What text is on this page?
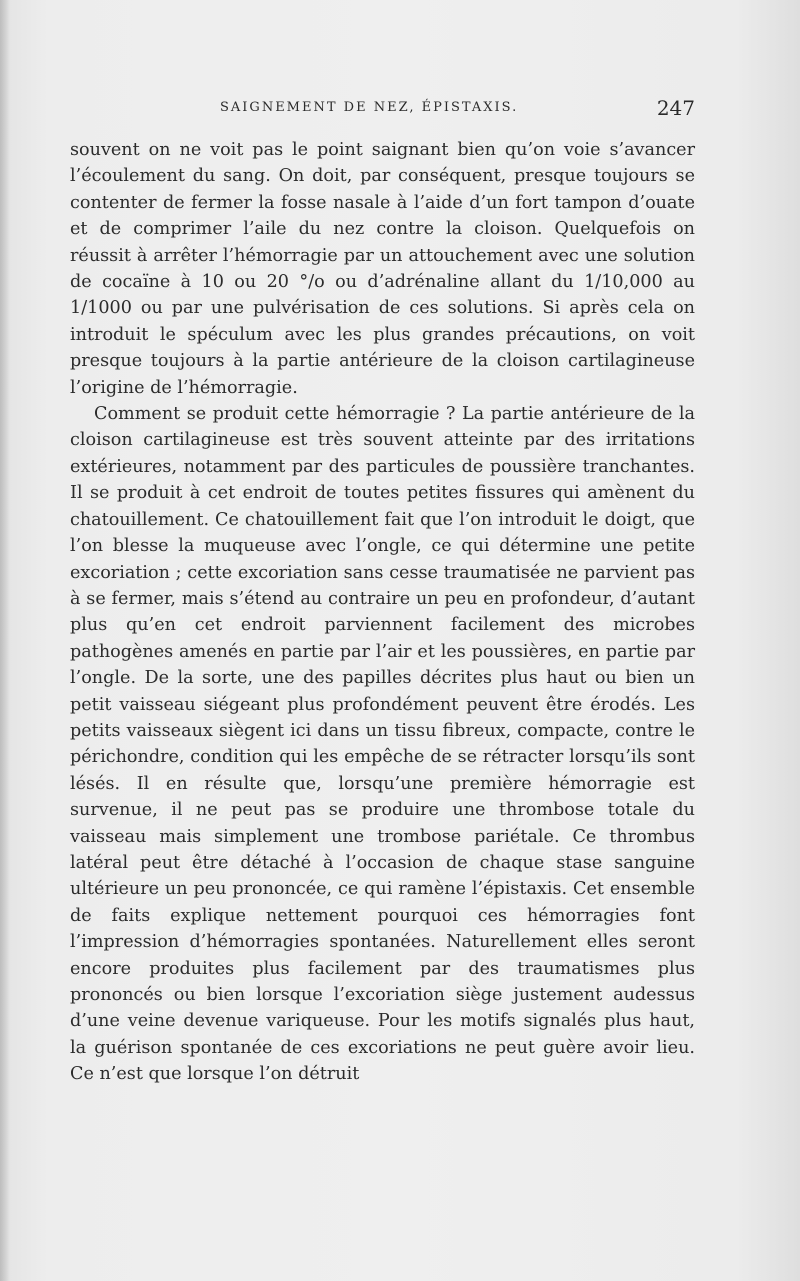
SAIGNEMENT DE NEZ, ÉPISTAXIS.	247

souvent on ne voit pas le point saignant bien qu’on voie s’avancer l’écoulement du sang. On doit, par conséquent, presque toujours se contenter de fermer la fosse nasale à l’aide d’un fort tampon d’ouate et de comprimer l’aile du nez contre la cloison. Quelquefois on réussit à arrêter l’hémorragie par un attouchement avec une solution de cocaïne à 10 ou 20 °/o ou d’adrénaline allant du 1/10,000 au 1/1000 ou par une pulvérisation de ces solutions. Si après cela on introduit le spéculum avec les plus grandes précautions, on voit presque toujours à la partie antérieure de la cloison cartilagineuse l’origine de l’hémorragie.

Comment se produit cette hémorragie ? La partie antérieure de la cloison cartilagineuse est très souvent atteinte par des irritations extérieures, notamment par des particules de poussière tranchantes. Il se produit à cet endroit de toutes petites fissures qui amènent du chatouillement. Ce chatouillement fait que l’on introduit le doigt, que l’on blesse la muqueuse avec l’ongle, ce qui détermine une petite excoriation ; cette excoriation sans cesse traumatisée ne parvient pas à se fermer, mais s’étend au contraire un peu en profondeur, d’autant plus qu’en cet endroit parviennent facilement des microbes pathogènes amenés en partie par l’air et les poussières, en partie par l’ongle. De la sorte, une des papilles décrites plus haut ou bien un petit vaisseau siégeant plus profondément peuvent être érodés. Les petits vaisseaux siègent ici dans un tissu fibreux, compacte, contre le périchondre, condition qui les empêche de se rétracter lorsqu’ils sont lésés. Il en résulte que, lorsqu’une première hémorragie est survenue, il ne peut pas se produire une thrombose totale du vaisseau mais simplement une trombose pariétale. Ce thrombus latéral peut être détaché à l’occasion de chaque stase sanguine ultérieure un peu prononcée, ce qui ramène l’épistaxis. Cet ensemble de faits explique nettement pourquoi ces hémorragies font l’impression d’hémorragies spontanées. Naturellement elles seront encore produites plus facilement par des traumatismes plus prononcés ou bien lorsque l’excoriation siège justement audessus d’une veine devenue variqueuse. Pour les motifs signalés plus haut, la guérison spontanée de ces excoriations ne peut guère avoir lieu. Ce n’est que lorsque l’on détruit
